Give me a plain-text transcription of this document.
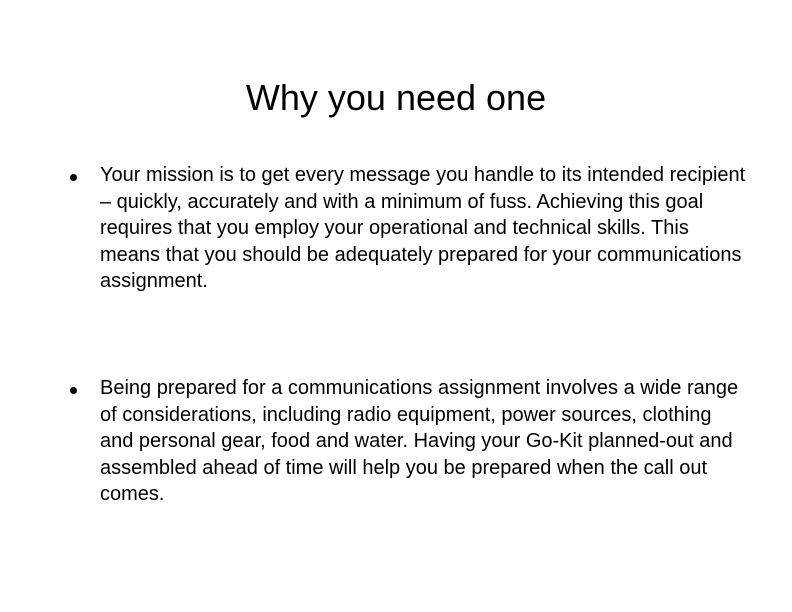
Why you need one
Your mission is to get every message you handle to its intended recipient – quickly, accurately and with a minimum of fuss. Achieving this goal requires that you employ your operational and technical skills. This means that you should be adequately prepared for your communications assignment.
Being prepared for a communications assignment involves a wide range of considerations, including radio equipment, power sources, clothing and personal gear, food and water. Having your Go-Kit planned-out and assembled ahead of time will help you be prepared when the call out comes.
